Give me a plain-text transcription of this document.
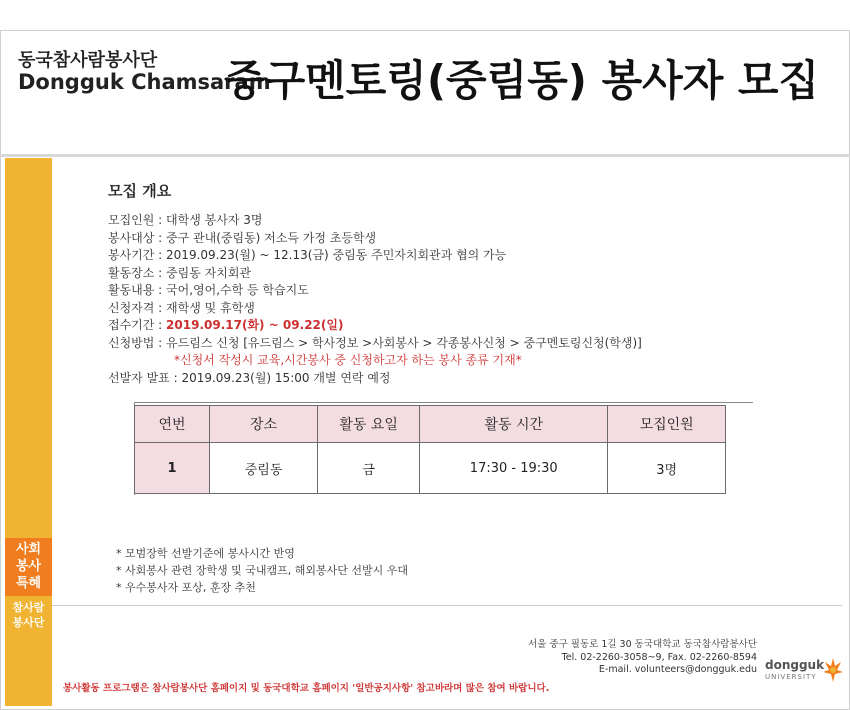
동국참사람봉사단
Dongguk Chamsaram
중구멘토링(중림동) 봉사자 모집
사회
봉사
특혜
참사람
봉사단
모집 개요
모집인원 : 대학생 봉사자 3명
봉사대상 : 중구 관내(중림동) 저소득 가정 초등학생
봉사기간 : 2019.09.23(월) ~ 12.13(금) 중림동 주민자치회관과 협의 가능
활동장소 : 중림동 자치회관
활동내용 : 국어,영어,수학 등 학습지도
신청자격 : 재학생 및 휴학생
접수기간 : 2019.09.17(화) ~ 09.22(일)
신청방법 : 유드림스 신청 [유드림스 > 학사정보 >사회봉사 > 각종봉사신청 > 중구멘토링신청(학생)]
*신청서 작성시 교육,시간봉사 중 신청하고자 하는 봉사 종류 기재*
선발자 발표 : 2019.09.23(월) 15:00 개별 연락 예정
연번	장소	활동 요일	활동 시간	모집인원
1	중림동	금	17:30 - 19:30	3명
* 모범장학 선발기준에 봉사시간 반영
* 사회봉사 관련 장학생 및 국내캠프, 해외봉사단 선발시 우대
* 우수봉사자 포상, 훈장 추천
서울 중구 필동로 1길 30 동국대학교 동국참사람봉사단
Tel. 02-2260-3058~9, Fax. 02-2260-8594
E-mail. volunteers@dongguk.edu dongguk
UNIVERSITY
봉사활동 프로그램은 참사람봉사단 홈페이지 및 동국대학교 홈페이지 '일반공지사항' 참고바라며 많은 참여 바랍니다.
